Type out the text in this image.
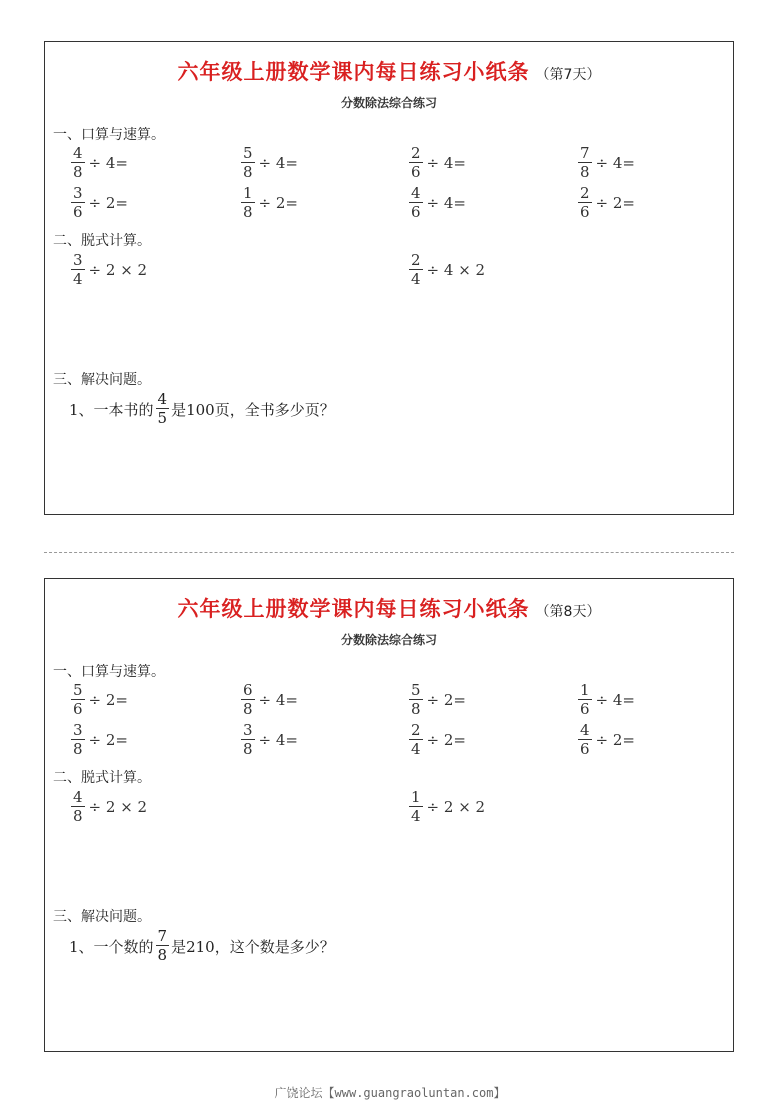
六年级上册数学课内每日练习小纸条 （第7天）
分数除法综合练习
一、口算与速算。
$\frac{4}{8} \div 4=$	$\frac{5}{8} \div 4=$	$\frac{2}{6} \div 4=$	$\frac{7}{8} \div 4=$
$\frac{3}{6} \div 2=$	$\frac{1}{8} \div 2=$	$\frac{4}{6} \div 4=$	$\frac{2}{6} \div 2=$
二、脱式计算。
$\frac{3}{4} \div 2 \times 2$	$\frac{2}{4} \div 4 \times 2$
三、解决问题。
1、一本书的 $\frac{4}{5}$ 是100页，全书多少页？
六年级上册数学课内每日练习小纸条 （第8天）
分数除法综合练习
一、口算与速算。
$\frac{5}{6} \div 2=$	$\frac{6}{8} \div 4=$	$\frac{5}{8} \div 2=$	$\frac{1}{6} \div 4=$
$\frac{3}{8} \div 2=$	$\frac{3}{8} \div 4=$	$\frac{2}{4} \div 2=$	$\frac{4}{6} \div 2=$
二、脱式计算。
$\frac{4}{8} \div 2 \times 2$	$\frac{1}{4} \div 2 \times 2$
三、解决问题。
1、一个数的 $\frac{7}{8}$ 是210，这个数是多少？
广饶论坛【www.guangraoluntan.com】
